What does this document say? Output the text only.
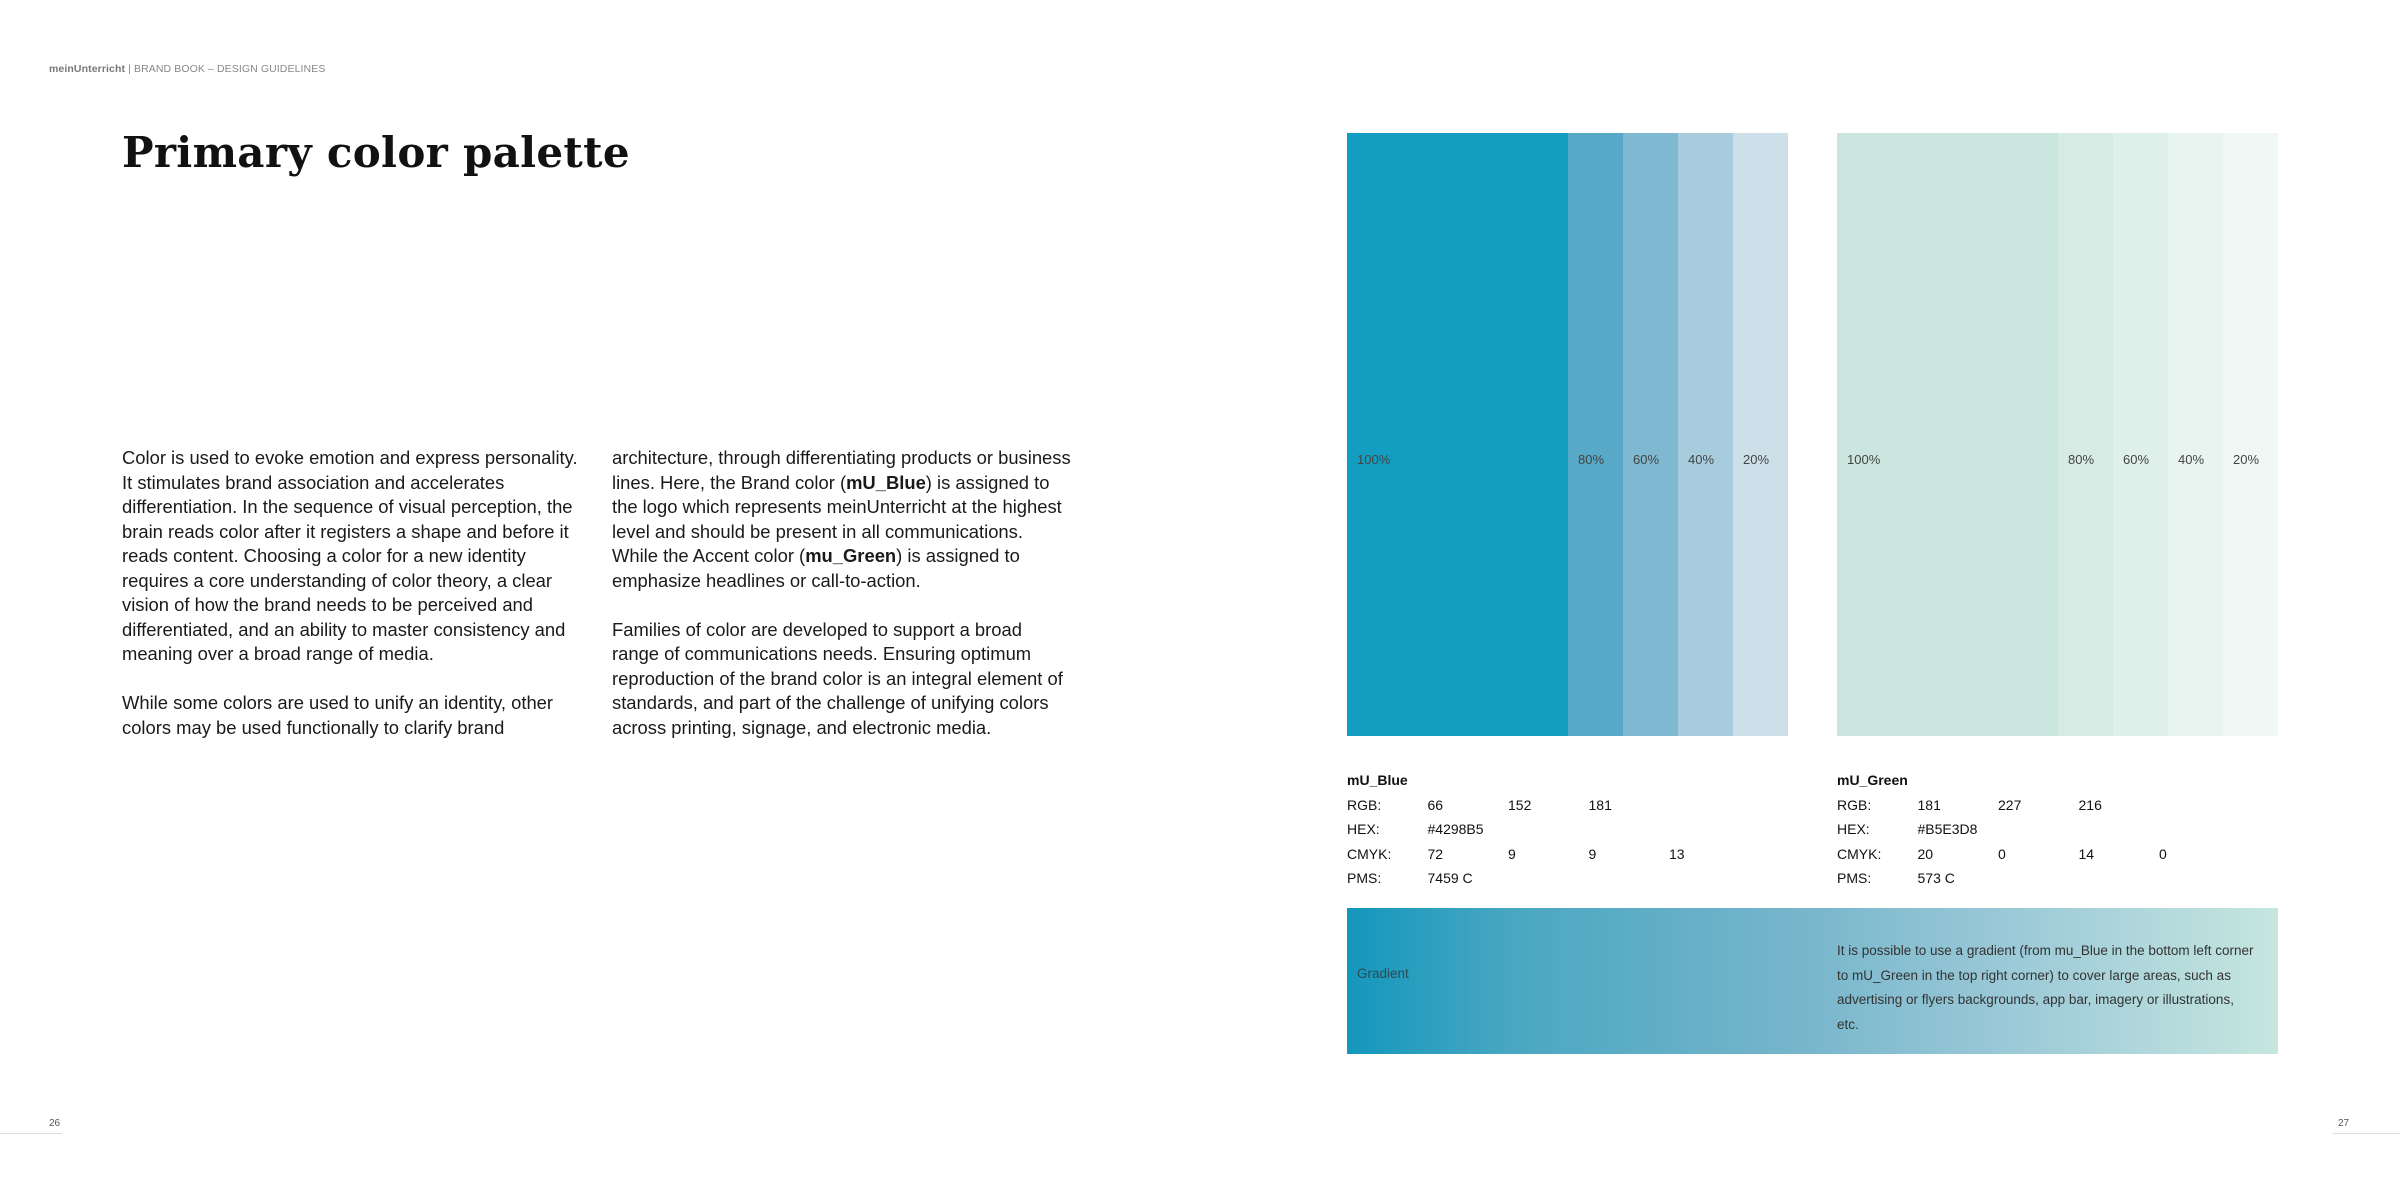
meinUnterricht | BRAND BOOK – DESIGN GUIDELINES
Primary color palette

Color is used to evoke emotion and express personality. It stimulates brand association and accelerates differentiation. In the sequence of visual perception, the brain reads color after it registers a shape and before it reads content. Choosing a color for a new identity requires a core understanding of color theory, a clear vision of how the brand needs to be perceived and differentiated, and an ability to master consistency and meaning over a broad range of media.

While some colors are used to unify an identity, other colors may be used functionally to clarify brand

architecture, through differentiating products or business lines. Here, the Brand color (mU_Blue) is assigned to the logo which represents meinUnterricht at the highest level and should be present in all communications. While the Accent color (mu_Green) is assigned to emphasize headlines or call-to-action.

Families of color are developed to support a broad range of communications needs. Ensuring optimum reproduction of the brand color is an integral element of standards, and part of the challenge of unifying colors across printing, signage, and electronic media.

100%	80% 60% 40% 20%	100%	80% 60% 40% 20%
mU_Blue
RGB:	66	152	181
HEX:	#4298B5
CMYK:	72	9	9	13
PMS:	7459 C
mU_Green
RGB:	181	227	216
HEX:	#B5E3D8
CMYK:	20	0	14	0
PMS:	573 C
Gradient
It is possible to use a gradient (from mu_Blue in the bottom left corner to mU_Green in the top right corner) to cover large areas, such as advertising or flyers backgrounds, app bar, imagery or illustrations, etc.
26	27
